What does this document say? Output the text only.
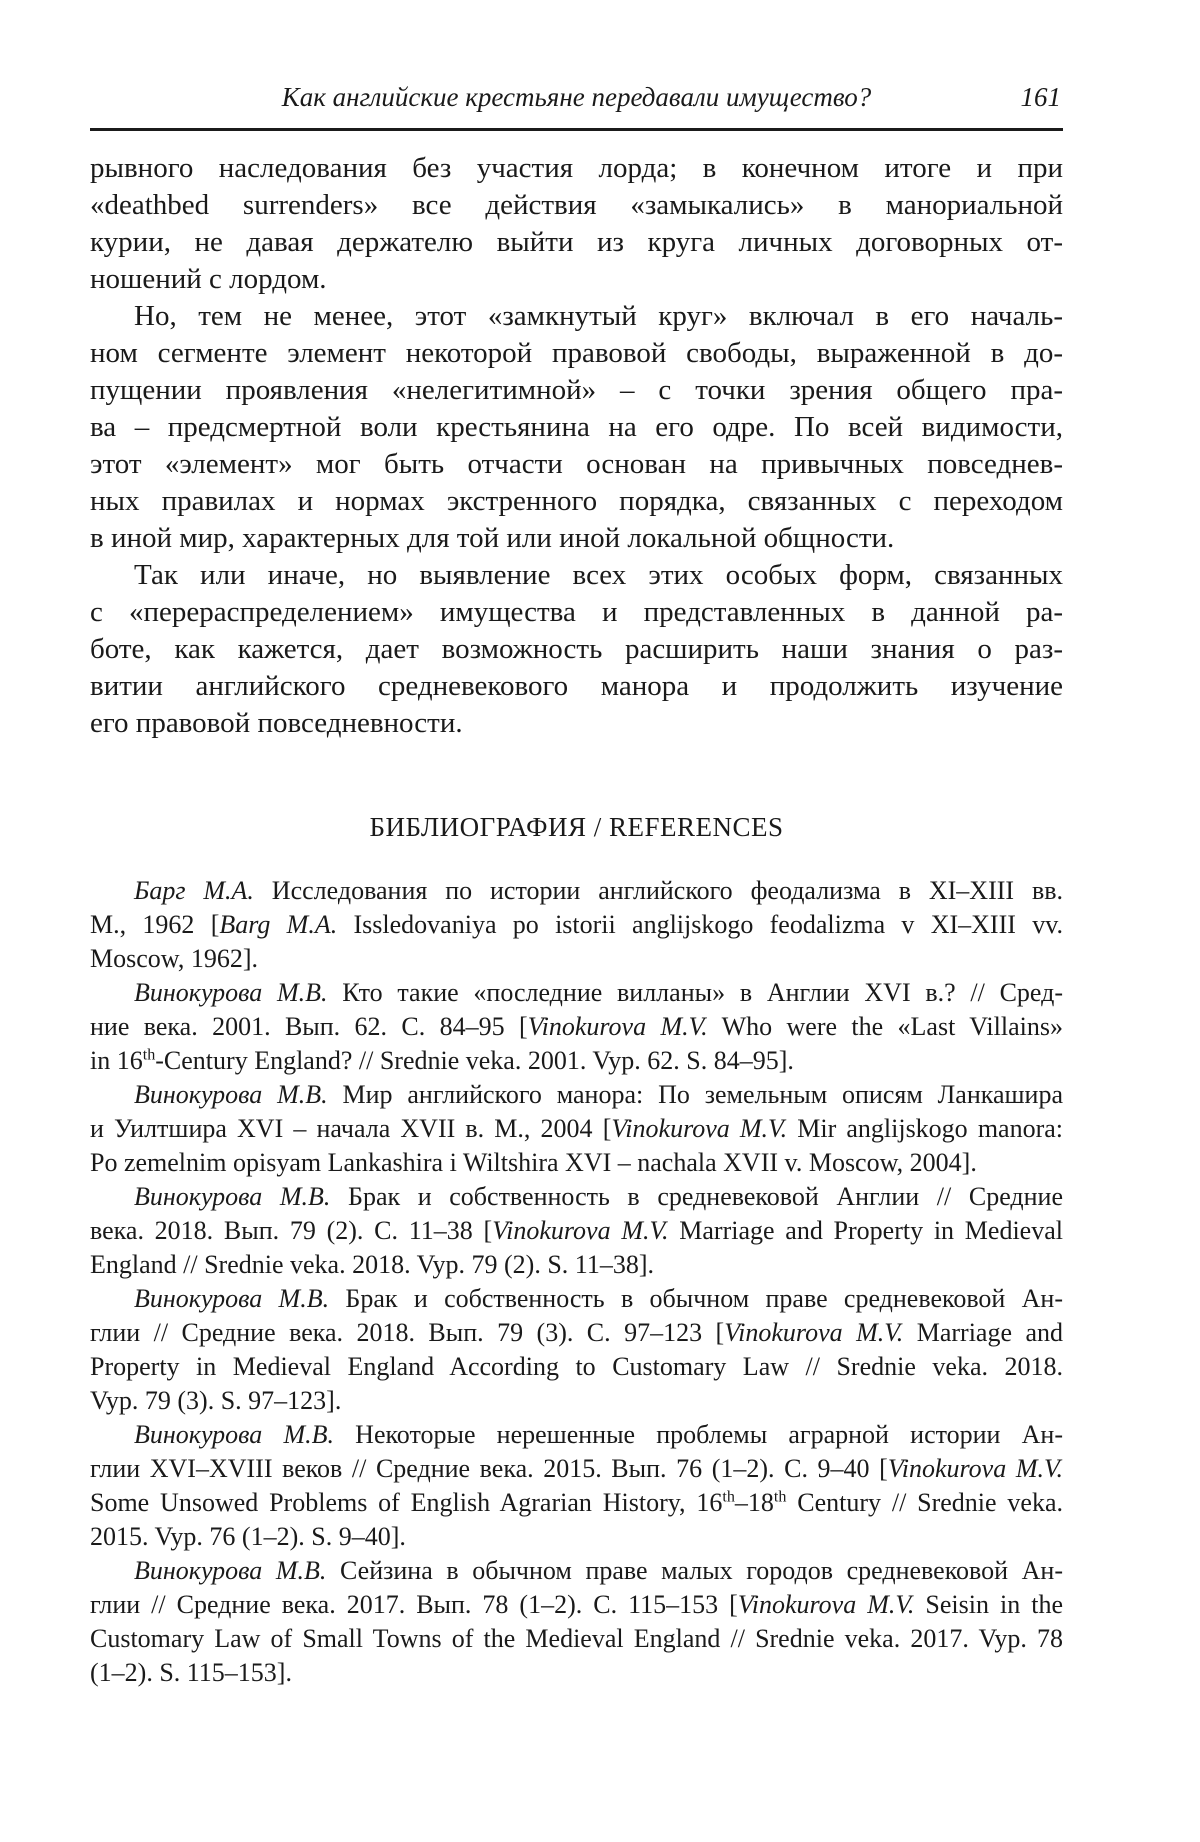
Как английские крестьяне передавали имущество?	161
рывного наследования без участия лорда; в конечном итоге и при
«deathbed surrenders» все действия «замыкались» в манориальной
курии, не давая держателю выйти из круга личных договорных от-
ношений с лордом.
Но, тем не менее, этот «замкнутый круг» включал в его началь-
ном сегменте элемент некоторой правовой свободы, выраженной в до-
пущении проявления «нелегитимной» – с точки зрения общего пра-
ва – предсмертной воли крестьянина на его одре. По всей видимости,
этот «элемент» мог быть отчасти основан на привычных повседнев-
ных правилах и нормах экстренного порядка, связанных с переходом
в иной мир, характерных для той или иной локальной общности.
Так или иначе, но выявление всех этих особых форм, связанных
с «перераспределением» имущества и представленных в данной ра-
боте, как кажется, дает возможность расширить наши знания о раз-
витии английского средневекового манора и продолжить изучение
его правовой повседневности.
БИБЛИОГРАФИЯ / REFERENCES
Барг М.А. Исследования по истории английского феодализма в XI–XIII вв.
М., 1962 [Barg M.A. Issledovaniya po istorii anglijskogo feodalizma v XI–XIII vv.
Moscow, 1962].
Винокурова М.В. Кто такие «последние вилланы» в Англии XVI в.? // Сред-
ние века. 2001. Вып. 62. С. 84–95 [Vinokurova M.V. Who were the «Last Villains»
in 16th-Century England? // Srednie veka. 2001. Vyp. 62. S. 84–95].
Винокурова М.В. Мир английского манора: По земельным описям Ланкашира
и Уилтшира XVI – начала XVII в. М., 2004 [Vinokurova M.V. Mir anglijskogo manora:
Po zemelnim opisyam Lankashira i Wiltshira XVI – nachala XVII v. Moscow, 2004].
Винокурова М.В. Брак и собственность в средневековой Англии // Средние
века. 2018. Вып. 79 (2). С. 11–38 [Vinokurova M.V. Marriage and Property in Medieval
England // Srednie veka. 2018. Vyp. 79 (2). S. 11–38].
Винокурова М.В. Брак и собственность в обычном праве средневековой Ан-
глии // Средние века. 2018. Вып. 79 (3). С. 97–123 [Vinokurova M.V. Marriage and
Property in Medieval England According to Customary Law // Srednie veka. 2018.
Vyp. 79 (3). S. 97–123].
Винокурова М.В. Некоторые нерешенные проблемы аграрной истории Ан-
глии XVI–XVIII веков // Средние века. 2015. Вып. 76 (1–2). С. 9–40 [Vinokurova M.V.
Some Unsowed Problems of English Agrarian History, 16th–18th Century // Srednie veka.
2015. Vyp. 76 (1–2). S. 9–40].
Винокурова М.В. Сейзина в обычном праве малых городов средневековой Ан-
глии // Средние века. 2017. Вып. 78 (1–2). С. 115–153 [Vinokurova M.V. Seisin in the
Customary Law of Small Towns of the Medieval England // Srednie veka. 2017. Vyp. 78
(1–2). S. 115–153].
